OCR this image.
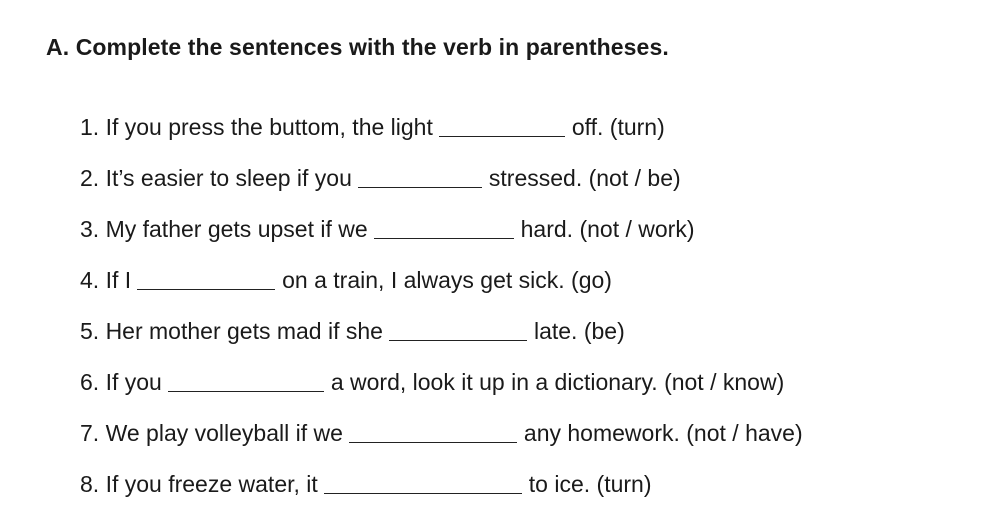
A. Complete the sentences with the verb in parentheses.
1. If you press the buttom, the light	off. (turn)
2. It’s easier to sleep if you	stressed. (not / be)
3. My father gets upset if we	hard. (not / work)
4. If I	on a train, I always get sick. (go)
5. Her mother gets mad if she	late. (be)
6. If you	a word, look it up in a dictionary. (not / know)
7. We play volleyball if we	any homework. (not / have)
8. If you freeze water, it	to ice. (turn)
